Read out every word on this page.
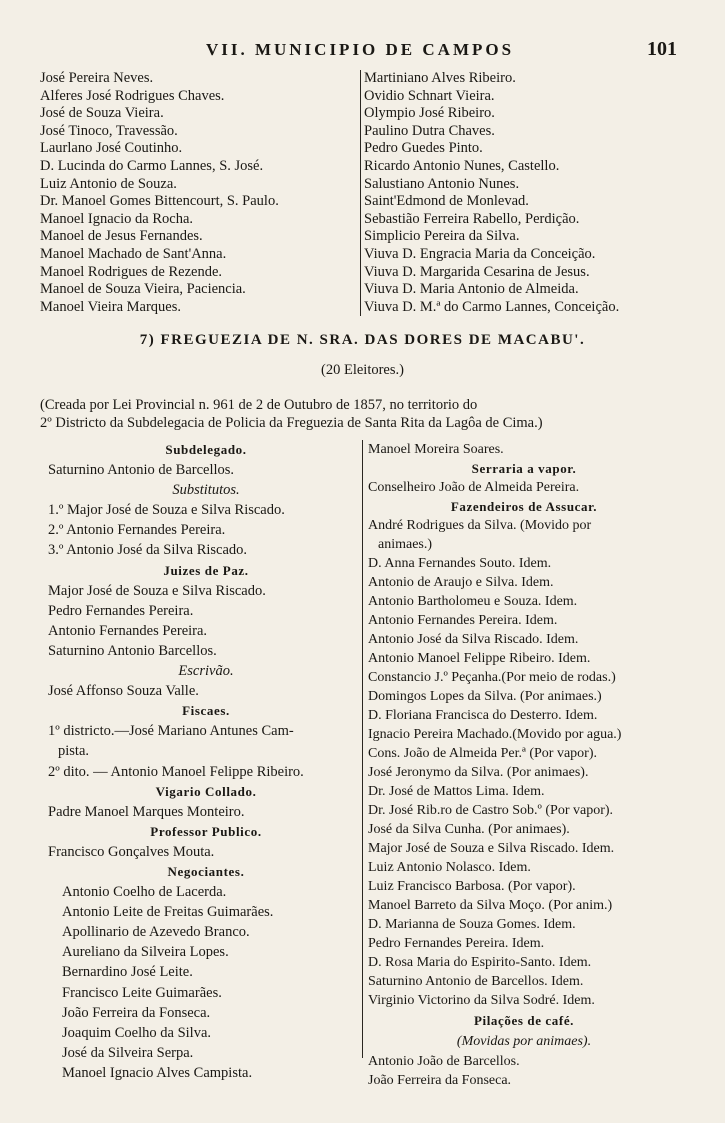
VII. MUNICIPIO DE CAMPOS	101
José Pereira Neves.
Alferes José Rodrigues Chaves.
José de Souza Vieira.
José Tinoco, Travessão.
Laurlano José Coutinho.
D. Lucinda do Carmo Lannes, S. José.
Luiz Antonio de Souza.
Dr. Manoel Gomes Bittencourt, S. Paulo.
Manoel Ignacio da Rocha.
Manoel de Jesus Fernandes.
Manoel Machado de Sant'Anna.
Manoel Rodrigues de Rezende.
Manoel de Souza Vieira, Paciencia.
Manoel Vieira Marques.
Martiniano Alves Ribeiro.
Ovidio Schnart Vieira.
Olympio José Ribeiro.
Paulino Dutra Chaves.
Pedro Guedes Pinto.
Ricardo Antonio Nunes, Castello.
Salustiano Antonio Nunes.
Saint'Edmond de Monlevad.
Sebastião Ferreira Rabello, Perdição.
Simplicio Pereira da Silva.
Viuva D. Engracia Maria da Conceição.
Viuva D. Margarida Cesarina de Jesus.
Viuva D. Maria Antonio de Almeida.
Viuva D. M.ª do Carmo Lannes, Conceição.
7) FREGUEZIA DE N. SRA. DAS DORES DE MACABU'.
(20 Eleitores.)
(Creada por Lei Provincial n. 961 de 2 de Outubro de 1857, no territorio do
2º Districto da Subdelegacia de Policia da Freguezia de Santa Rita da Lagôa de Cima.)
Subdelegado.
Saturnino Antonio de Barcellos.
Substitutos.
1.º Major José de Souza e Silva Riscado.
2.º Antonio Fernandes Pereira.
3.º Antonio José da Silva Riscado.
Juizes de Paz.
Major José de Souza e Silva Riscado.
Pedro Fernandes Pereira.
Antonio Fernandes Pereira.
Saturnino Antonio Barcellos.
Escrivão.
José Affonso Souza Valle.
Fiscaes.
1º districto.—José Mariano Antunes Cam-
pista.
2º dito. — Antonio Manoel Felippe Ribeiro.
Vigario Collado.
Padre Manoel Marques Monteiro.
Professor Publico.
Francisco Gonçalves Mouta.
Negociantes.
Antonio Coelho de Lacerda.
Antonio Leite de Freitas Guimarães.
Apollinario de Azevedo Branco.
Aureliano da Silveira Lopes.
Bernardino José Leite.
Francisco Leite Guimarães.
João Ferreira da Fonseca.
Joaquim Coelho da Silva.
José da Silveira Serpa.
Manoel Ignacio Alves Campista.
Manoel Moreira Soares.
Serraria a vapor.
Conselheiro João de Almeida Pereira.
Fazendeiros de Assucar.
André Rodrigues da Silva. (Movido por
animaes.)
D. Anna Fernandes Souto. Idem.
Antonio de Araujo e Silva. Idem.
Antonio Bartholomeu e Souza. Idem.
Antonio Fernandes Pereira. Idem.
Antonio José da Silva Riscado. Idem.
Antonio Manoel Felippe Ribeiro. Idem.
Constancio J.º Peçanha.(Por meio de rodas.)
Domingos Lopes da Silva. (Por animaes.)
D. Floriana Francisca do Desterro. Idem.
Ignacio Pereira Machado.(Movido por agua.)
Cons. João de Almeida Per.ª (Por vapor).
José Jeronymo da Silva. (Por animaes).
Dr. José de Mattos Lima. Idem.
Dr. José Rib.ro de Castro Sob.º (Por vapor).
José da Silva Cunha. (Por animaes).
Major José de Souza e Silva Riscado. Idem.
Luiz Antonio Nolasco. Idem.
Luiz Francisco Barbosa. (Por vapor).
Manoel Barreto da Silva Moço. (Por anim.)
D. Marianna de Souza Gomes. Idem.
Pedro Fernandes Pereira. Idem.
D. Rosa Maria do Espirito-Santo. Idem.
Saturnino Antonio de Barcellos. Idem.
Virginio Victorino da Silva Sodré. Idem.
Pilações de café.
(Movidas por animaes).
Antonio João de Barcellos.
João Ferreira da Fonseca.
